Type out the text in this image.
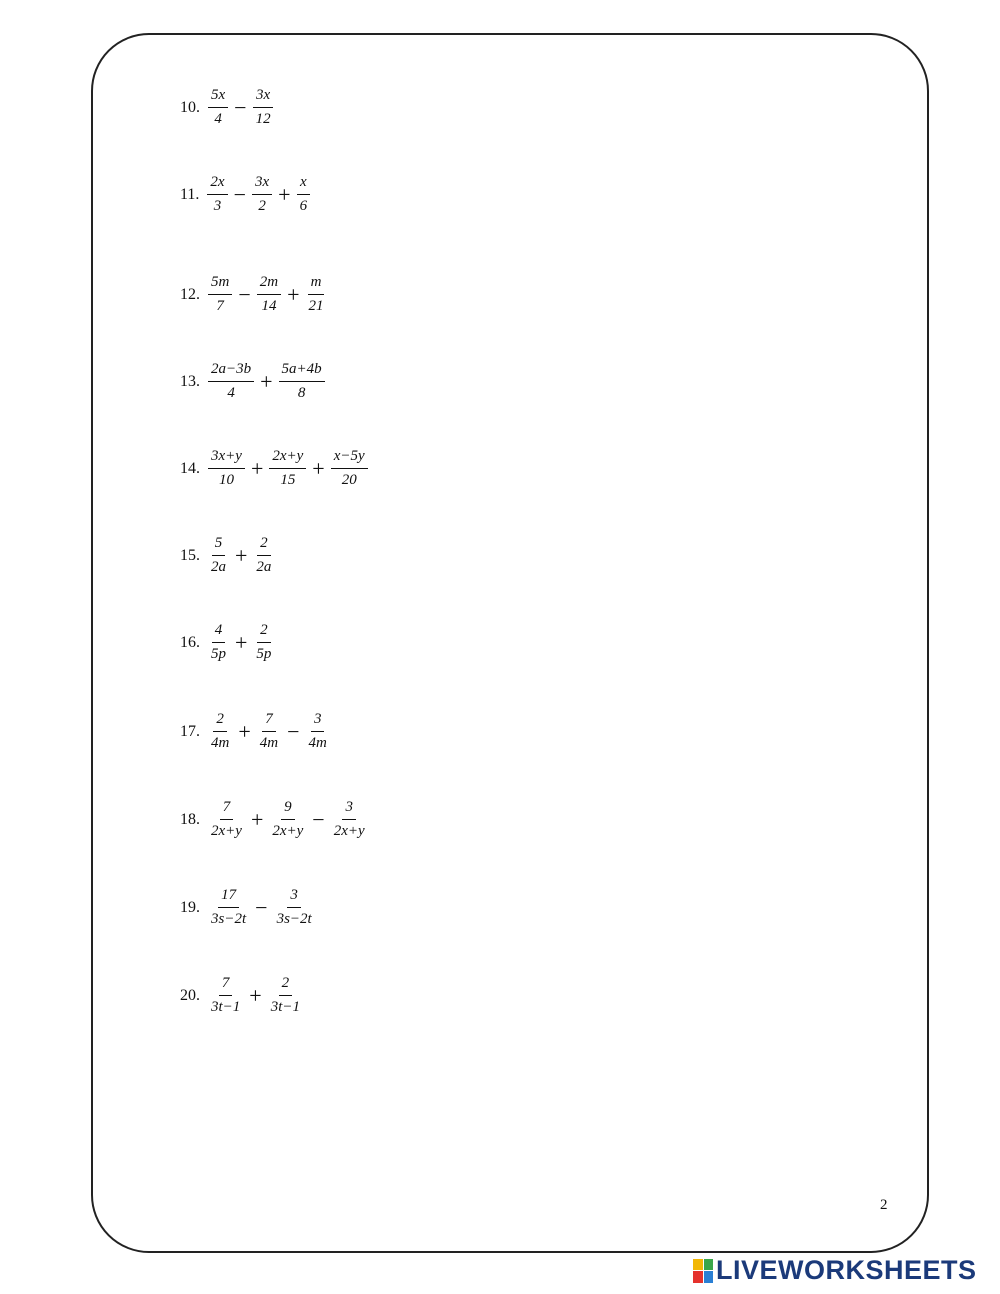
10. $\frac{5x}{4} - \frac{3x}{12}$
11. $\frac{2x}{3} - \frac{3x}{2} + \frac{x}{6}$
12. $\frac{5m}{7} - \frac{2m}{14} + \frac{m}{21}$
13. $\frac{2a-3b}{4} + \frac{5a+4b}{8}$
14. $\frac{3x+y}{10} + \frac{2x+y}{15} + \frac{x-5y}{20}$
15. $\frac{5}{2a} + \frac{2}{2a}$
16. $\frac{4}{5p} + \frac{2}{5p}$
17. $\frac{2}{4m} + \frac{7}{4m} - \frac{3}{4m}$
18. $\frac{7}{2x+y} + \frac{9}{2x+y} - \frac{3}{2x+y}$
19. $\frac{17}{3s-2t} - \frac{3}{3s-2t}$
20. $\frac{7}{3t-1} + \frac{2}{3t-1}$
2
LIVEWORKSHEETS
